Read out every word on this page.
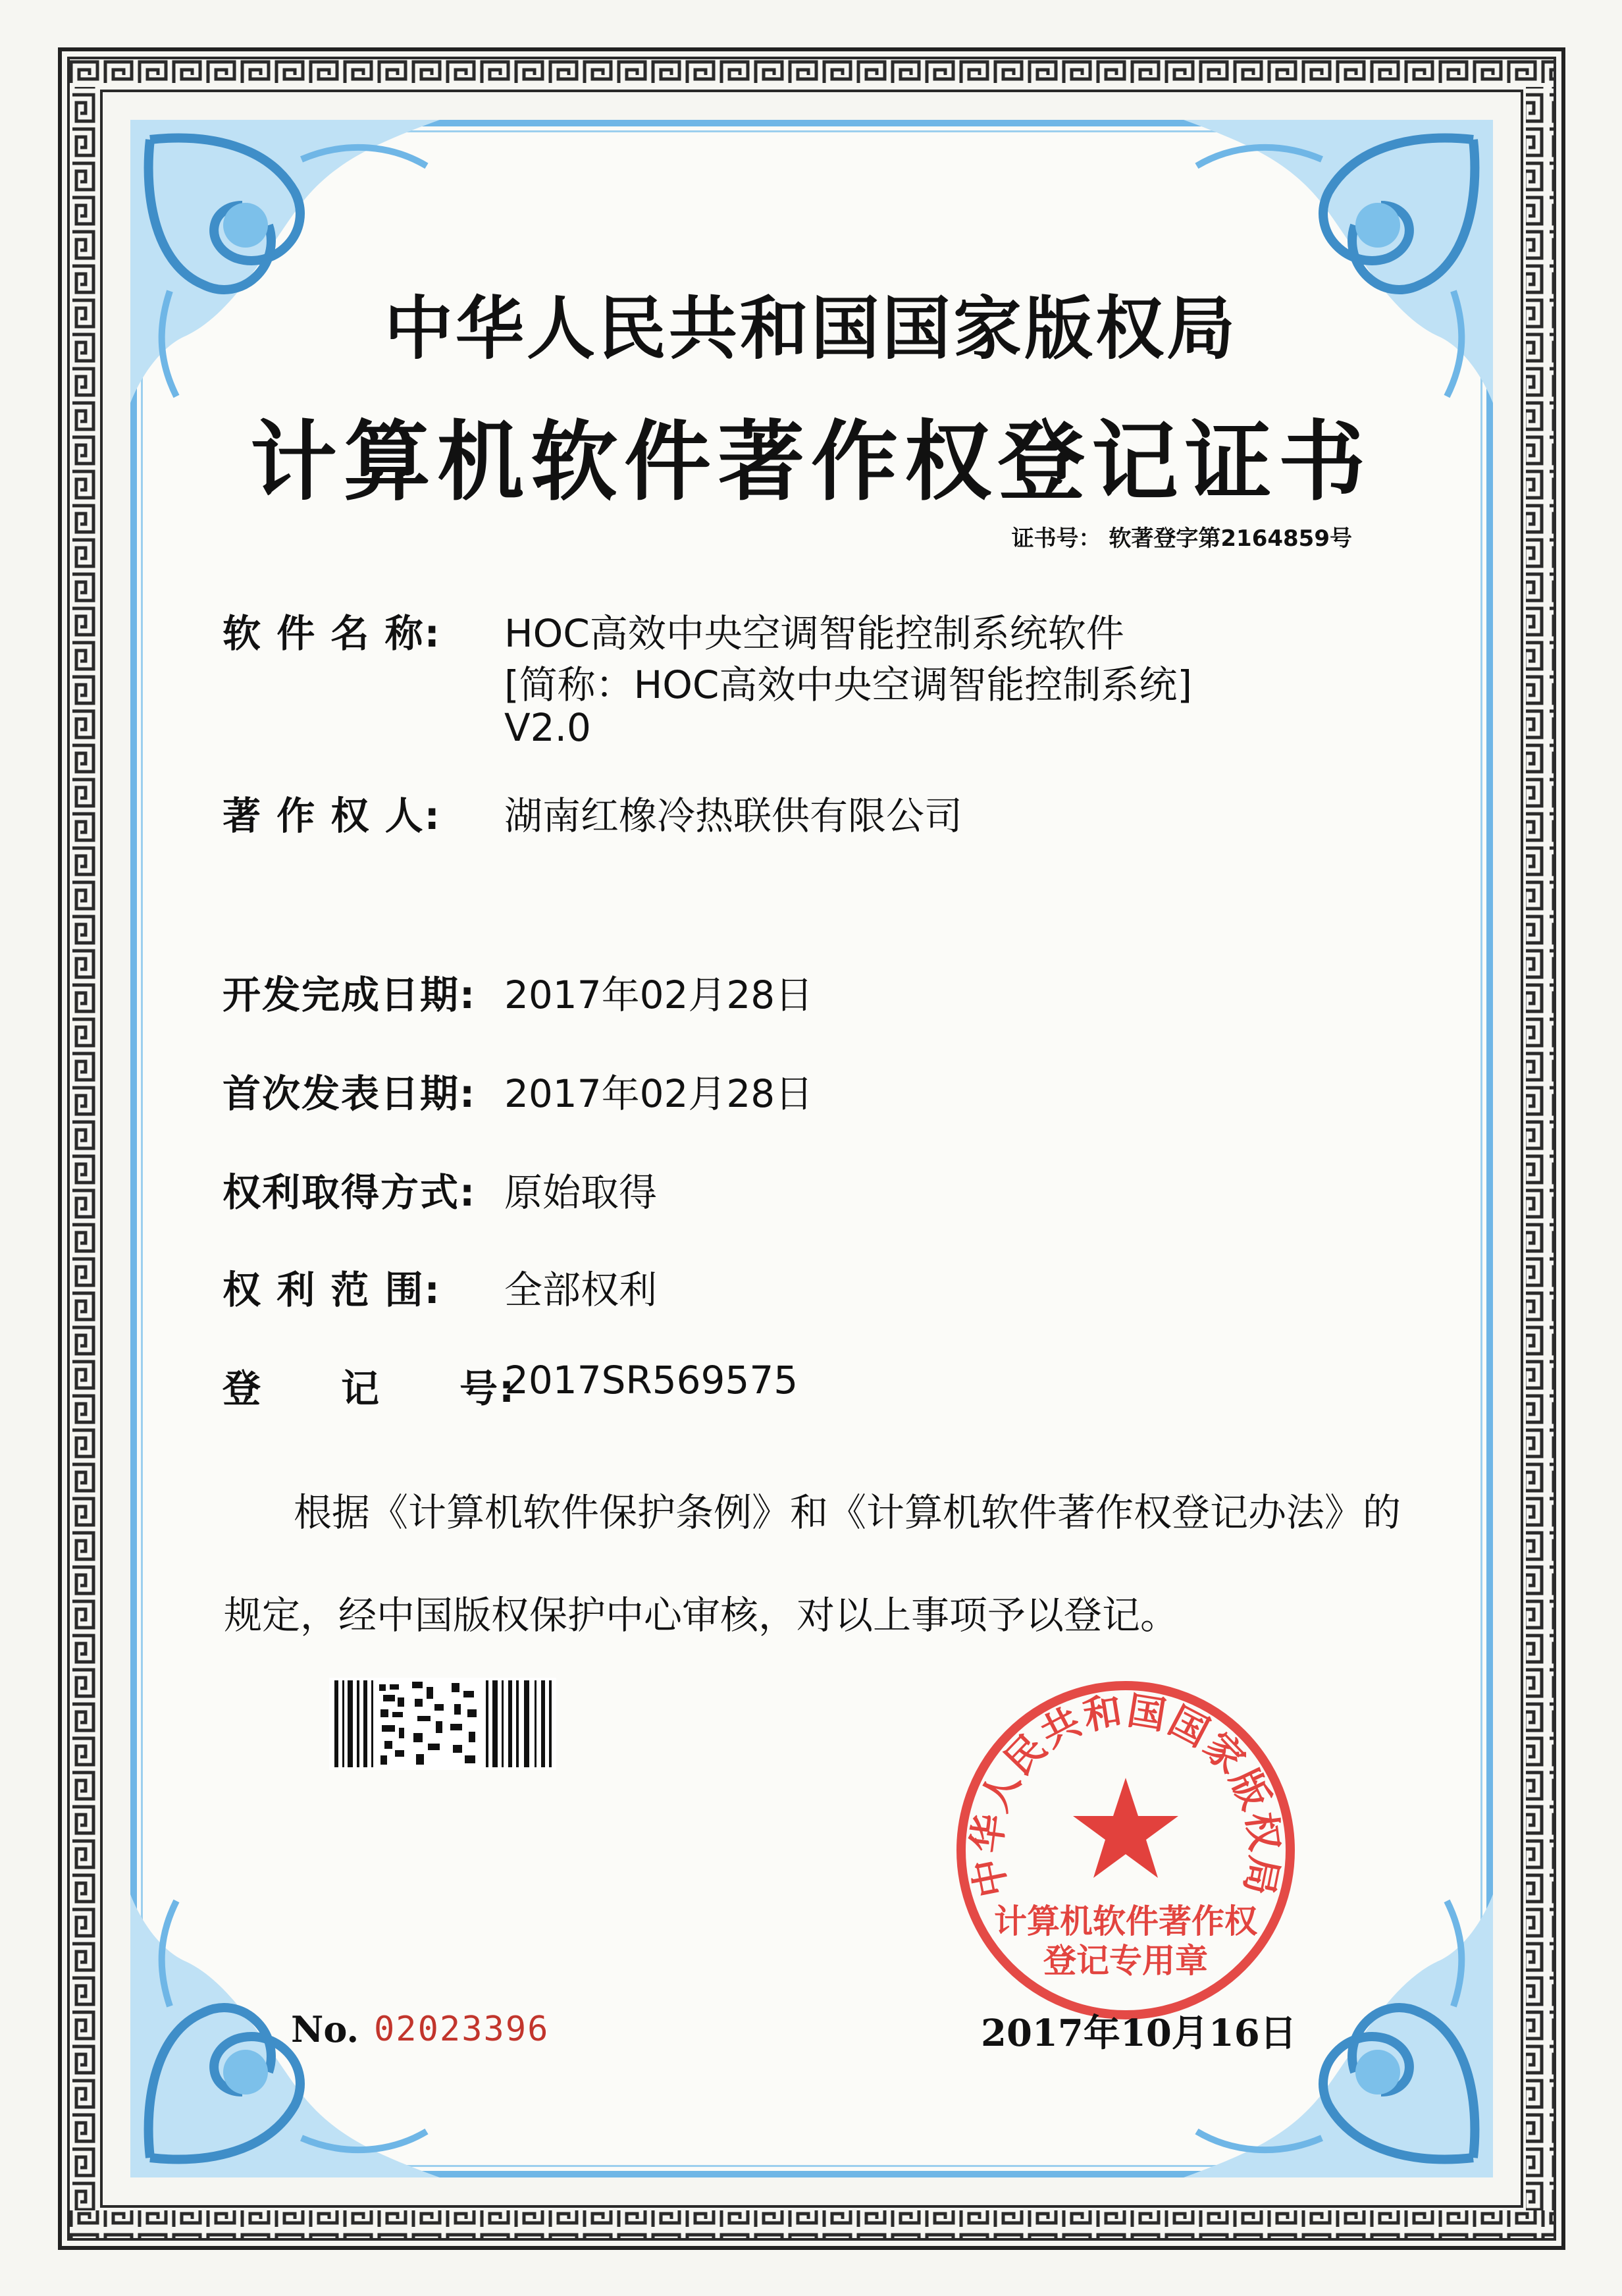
中华人民共和国国家版权局
计算机软件著作权登记证书
证书号： 软著登字第2164859号
软 件 名 称: HOC高效中央空调智能控制系统软件
[简称：HOC高效中央空调智能控制系统]
V2.0
著 作 权 人: 湖南红橡冷热联供有限公司
开发完成日期: 2017年02月28日
首次发表日期: 2017年02月28日
权利取得方式: 原始取得
权 利 范 围: 全部权利
登　　记　　号:
2017SR569575
根据《计算机软件保护条例》和《计算机软件著作权登记办法》的
规定，经中国版权保护中心审核，对以上事项予以登记。
中华人民共和国国家版权局
计算机软件著作权
登记专用章
No. 02023396	2017年10月16日
